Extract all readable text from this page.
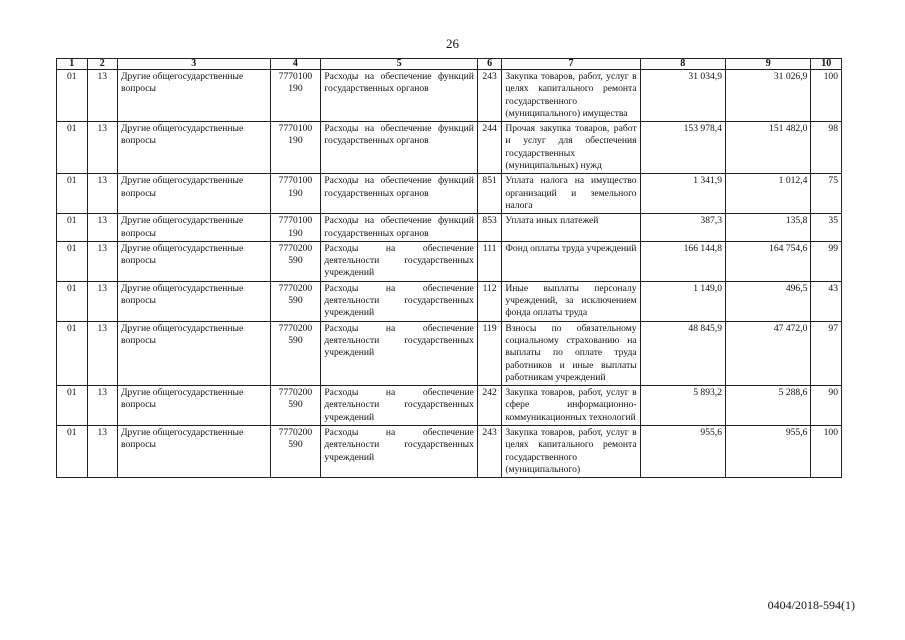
26
1	2	3	4	5	6	7	8	9	10
01	13	Другие общегосударственные вопросы	7770100 190	Расходы на обеспечение функций государственных органов	243	Закупка товаров, работ, услуг в целях капитального ремонта государственного (муниципального) имущества	31 034,9	31 026,9	100
01	13	Другие общегосударственные вопросы	7770100 190	Расходы на обеспечение функций государственных органов	244	Прочая закупка товаров, работ и услуг для обеспечения государственных (муниципальных) нужд	153 978,4	151 482,0	98
01	13	Другие общегосударственные вопросы	7770100 190	Расходы на обеспечение функций государственных органов	851	Уплата налога на имущество организаций и земельного налога	1 341,9	1 012,4	75
01	13	Другие общегосударственные вопросы	7770100 190	Расходы на обеспечение функций государственных органов	853	Уплата иных платежей	387,3	135,8	35
01	13	Другие общегосударственные вопросы	7770200 590	Расходы на обеспечение деятельности государственных учреждений	111	Фонд оплаты труда учреждений	166 144,8	164 754,6	99
01	13	Другие общегосударственные вопросы	7770200 590	Расходы на обеспечение деятельности государственных учреждений	112	Иные выплаты персоналу учреждений, за исключением фонда оплаты труда	1 149,0	496,5	43
01	13	Другие общегосударственные вопросы	7770200 590	Расходы на обеспечение деятельности государственных учреждений	119	Взносы по обязательному социальному страхованию на выплаты по оплате труда работников и иные выплаты работникам учреждений	48 845,9	47 472,0	97
01	13	Другие общегосударственные вопросы	7770200 590	Расходы на обеспечение деятельности государственных учреждений	242	Закупка товаров, работ, услуг в сфере информационно-коммуникационных технологий	5 893,2	5 288,6	90
01	13	Другие общегосударственные вопросы	7770200 590	Расходы на обеспечение деятельности государственных учреждений	243	Закупка товаров, работ, услуг в целях капитального ремонта государственного (муниципального)	955,6	955,6	100
0404/2018-594(1)
